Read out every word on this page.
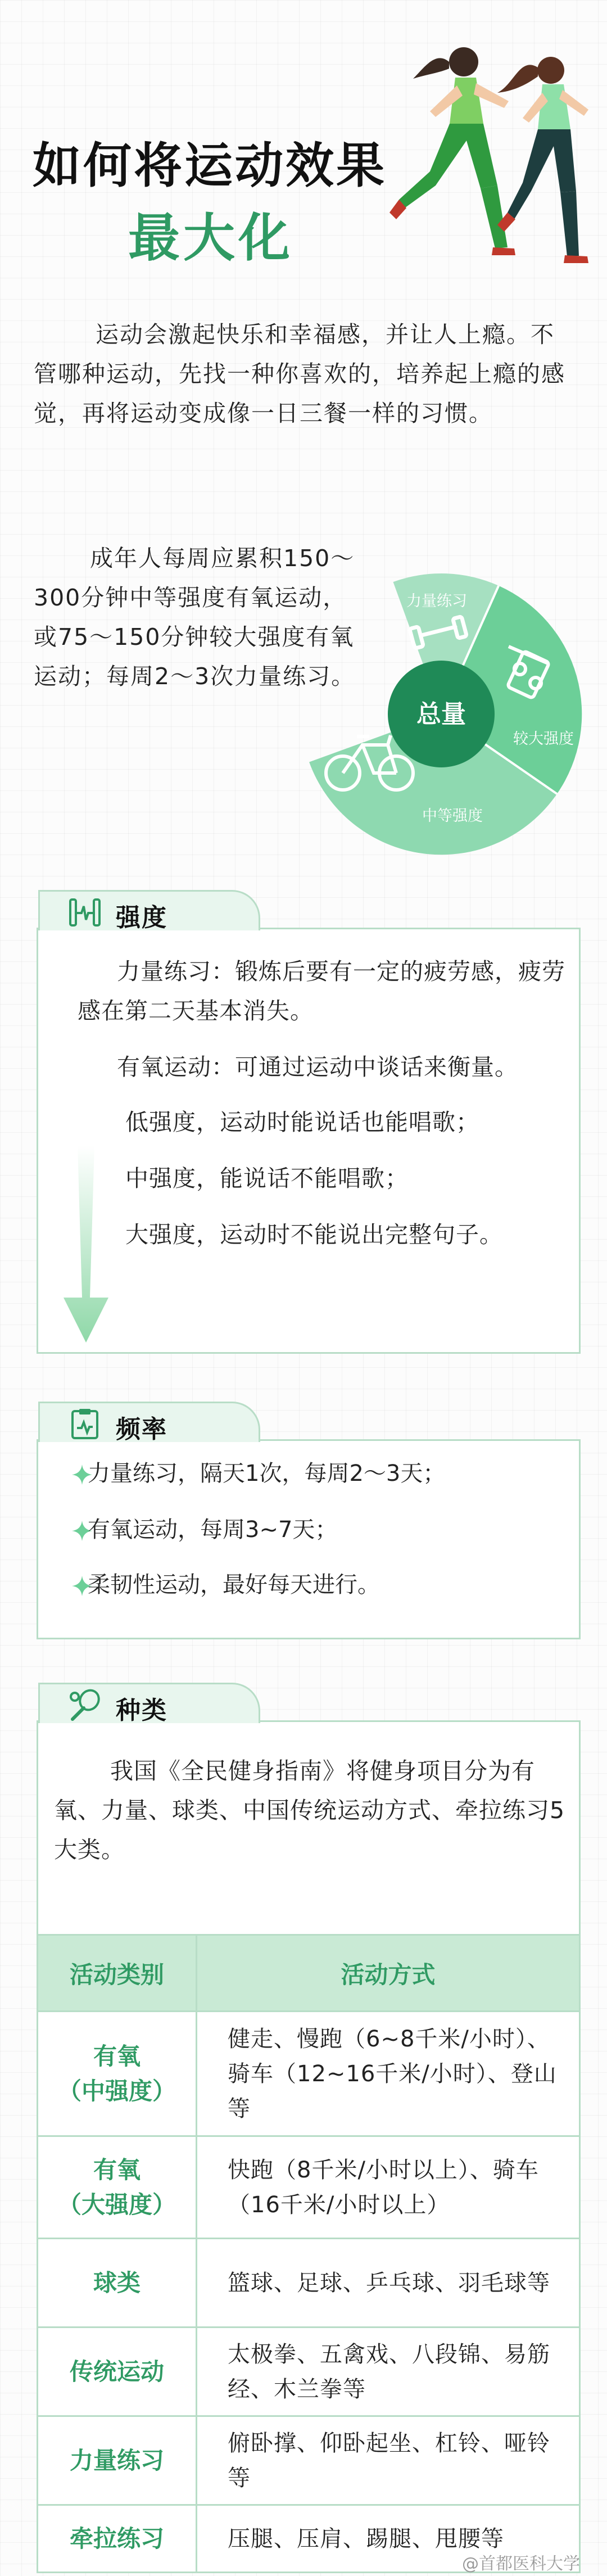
如何将运动效果
最大化
运动会激起快乐和幸福感，并让人上瘾。不管哪种运动，先找一种你喜欢的，培养起上瘾的感觉，再将运动变成像一日三餐一样的习惯。
成年人每周应累积150～300分钟中等强度有氧运动，或75～150分钟较大强度有氧运动；每周2～3次力量练习。
总量
力量练习
较大强度
中等强度
强度
力量练习：锻炼后要有一定的疲劳感，疲劳感在第二天基本消失。
有氧运动：可通过运动中谈话来衡量。
低强度，运动时能说话也能唱歌；
中强度，能说话不能唱歌；
大强度，运动时不能说出完整句子。
频率
力量练习，隔天1次，每周2～3天；
有氧运动，每周3~7天；
柔韧性运动，最好每天进行。
种类
我国《全民健身指南》将健身项目分为有氧、力量、球类、中国传统运动方式、牵拉练习5大类。
活动类别	活动方式

有氧
（中强度）	健走、慢跑（6~8千米/小时）、骑车（12~16千米/小时）、登山等

有氧
（大强度）	快跑（8千米/小时以上）、骑车（16千米/小时以上）
球类	篮球、足球、乒乓球、羽毛球等
传统运动	太极拳、五禽戏、八段锦、易筋经、木兰拳等
力量练习	俯卧撑、仰卧起坐、杠铃、哑铃等
牵拉练习	压腿、压肩、踢腿、甩腰等
@首都医科大学
